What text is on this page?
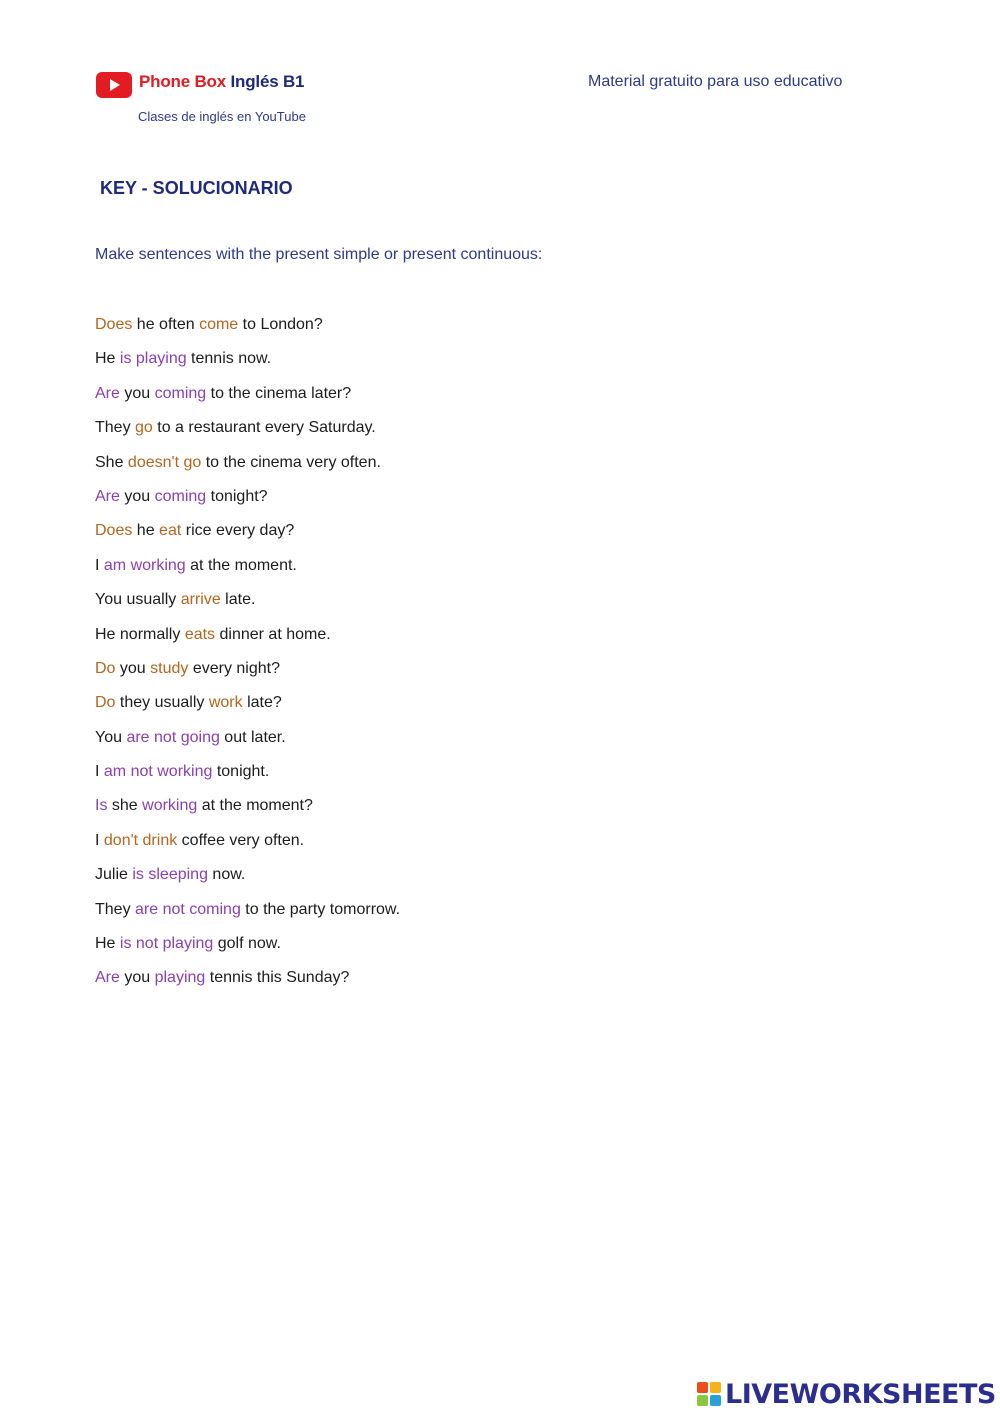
Phone Box Inglés B1
Clases de inglés en YouTube
Material gratuito para uso educativo
KEY - SOLUCIONARIO
Make sentences with the present simple or present continuous:
Does he often come to London?
He is playing tennis now.
Are you coming to the cinema later?
They go to a restaurant every Saturday.
She doesn't go to the cinema very often.
Are you coming tonight?
Does he eat rice every day?
I am working at the moment.
You usually arrive late.
He normally eats dinner at home.
Do you study every night?
Do they usually work late?
You are not going out later.
I am not working tonight.
Is she working at the moment?
I don't drink coffee very often.
Julie is sleeping now.
They are not coming to the party tomorrow.
He is not playing golf now.
Are you playing tennis this Sunday?
LIVEWORKSHEETS
